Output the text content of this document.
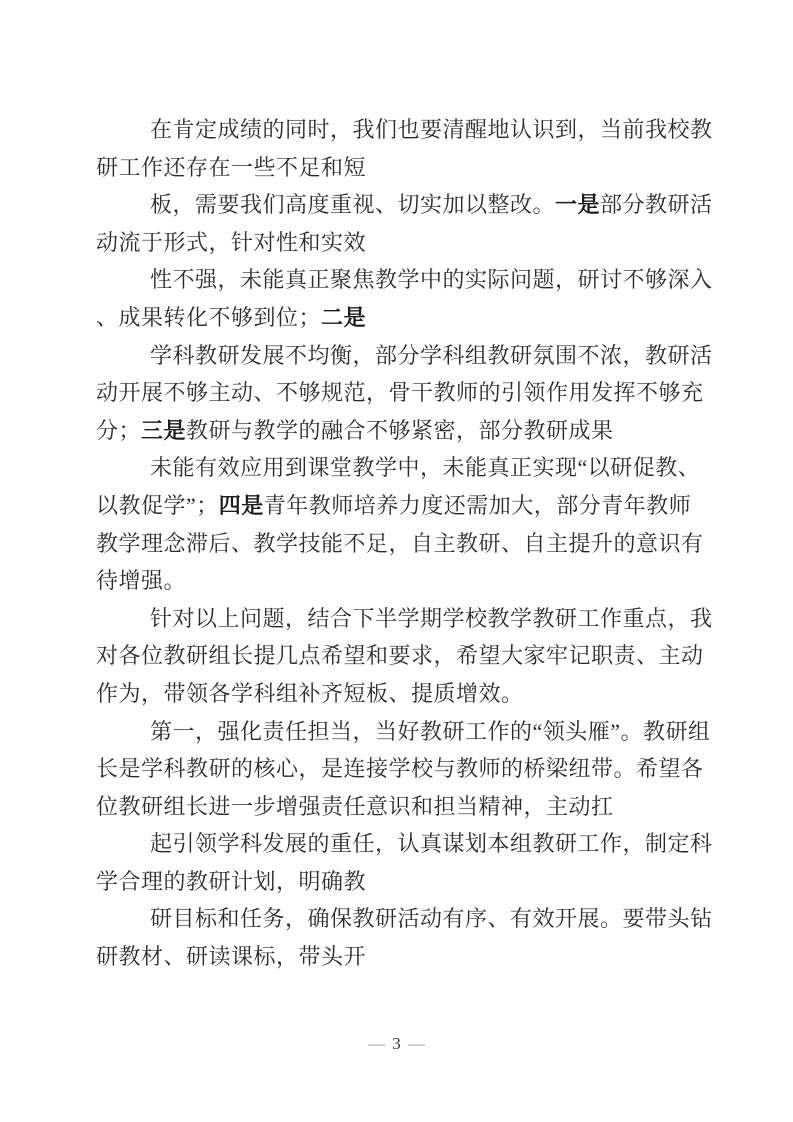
在肯定成绩的同时，我们也要清醒地认识到，当前我校教
研工作还存在一些不足和短
板，需要我们高度重视、切实加以整改。一是部分教研活
动流于形式，针对性和实效
性不强，未能真正聚焦教学中的实际问题，研讨不够深入
、成果转化不够到位；二是
学科教研发展不均衡，部分学科组教研氛围不浓，教研活
动开展不够主动、不够规范，骨干教师的引领作用发挥不够充
分；三是教研与教学的融合不够紧密，部分教研成果
未能有效应用到课堂教学中，未能真正实现“以研促教、
以教促学”；四是青年教师培养力度还需加大，部分青年教师
教学理念滞后、教学技能不足，自主教研、自主提升的意识有
待增强。
针对以上问题，结合下半学期学校教学教研工作重点，我
对各位教研组长提几点希望和要求，希望大家牢记职责、主动
作为，带领各学科组补齐短板、提质增效。
第一，强化责任担当，当好教研工作的“领头雁”。教研组
长是学科教研的核心，是连接学校与教师的桥梁纽带。希望各
位教研组长进一步增强责任意识和担当精神，主动扛
起引领学科发展的重任，认真谋划本组教研工作，制定科
学合理的教研计划，明确教
研目标和任务，确保教研活动有序、有效开展。要带头钻
研教材、研读课标，带头开
— 3 —
